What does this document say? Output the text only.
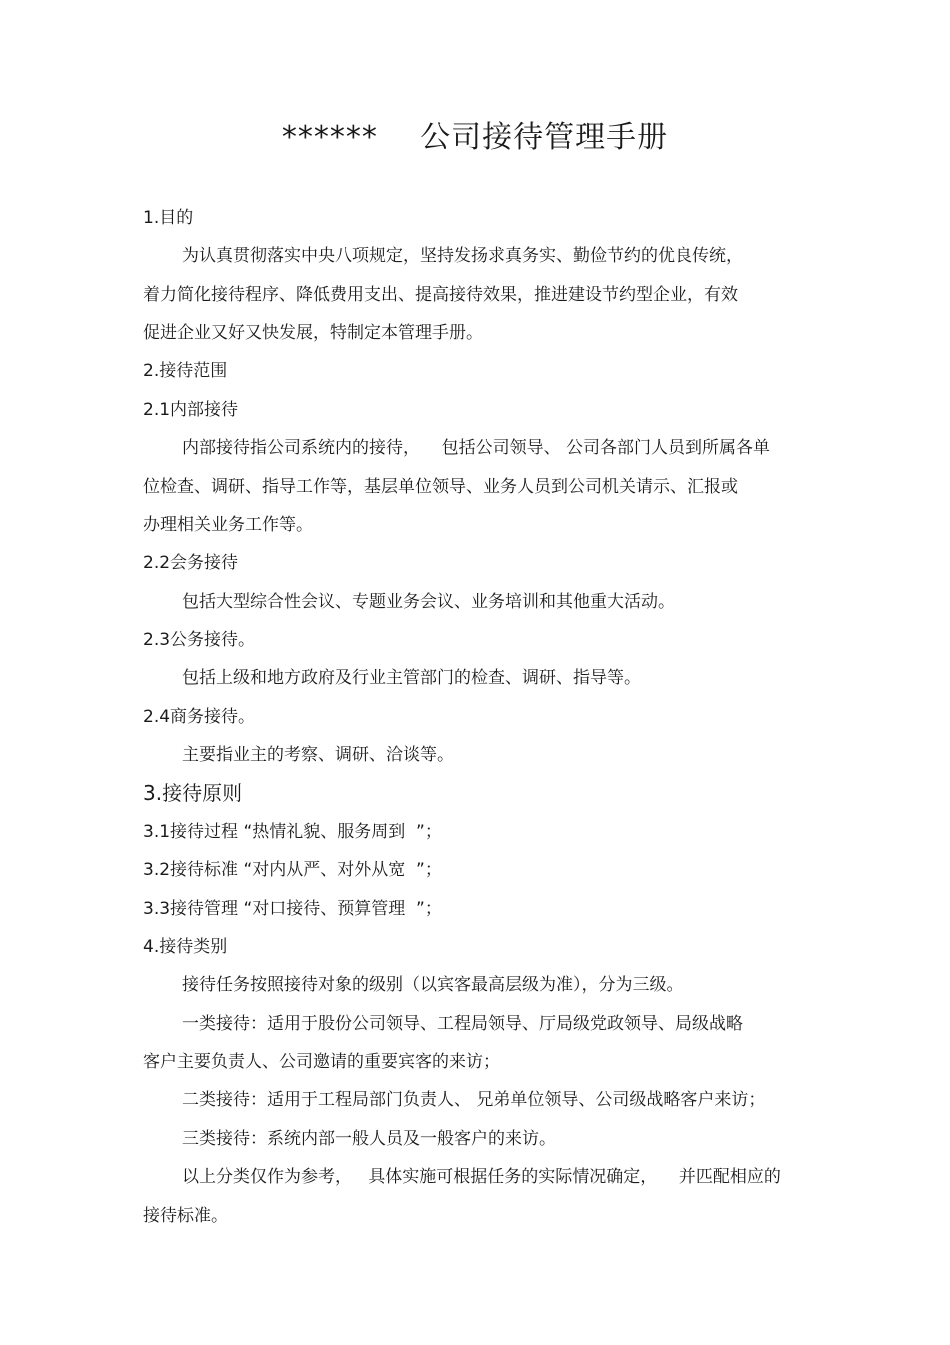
******    公司接待管理手册
1.目的
为认真贯彻落实中央八项规定，坚持发扬求真务实、勤俭节约的优良传统，
着力简化接待程序、降低费用支出、提高接待效果，推进建设节约型企业，有效
促进企业又好又快发展，特制定本管理手册。
2.接待范围
2.1内部接待
内部接待指公司系统内的接待，    包括公司领导、 公司各部门人员到所属各单
位检查、调研、指导工作等，基层单位领导、业务人员到公司机关请示、汇报或
办理相关业务工作等。
2.2会务接待
包括大型综合性会议、专题业务会议、业务培训和其他重大活动。
2.3公务接待。
包括上级和地方政府及行业主管部门的检查、调研、指导等。
2.4商务接待。
主要指业主的考察、调研、洽谈等。
3.接待原则
3.1接待过程 “热情礼貌、服务周到  ”；
3.2接待标准 “对内从严、对外从宽  ”；
3.3接待管理 “对口接待、预算管理  ”；
4.接待类别
接待任务按照接待对象的级别（以宾客最高层级为准），分为三级。
一类接待：适用于股份公司领导、工程局领导、厅局级党政领导、局级战略
客户主要负责人、公司邀请的重要宾客的来访；
二类接待：适用于工程局部门负责人、 兄弟单位领导、公司级战略客户来访；
三类接待：系统内部一般人员及一般客户的来访。
以上分类仅作为参考，   具体实施可根据任务的实际情况确定，    并匹配相应的
接待标准。
